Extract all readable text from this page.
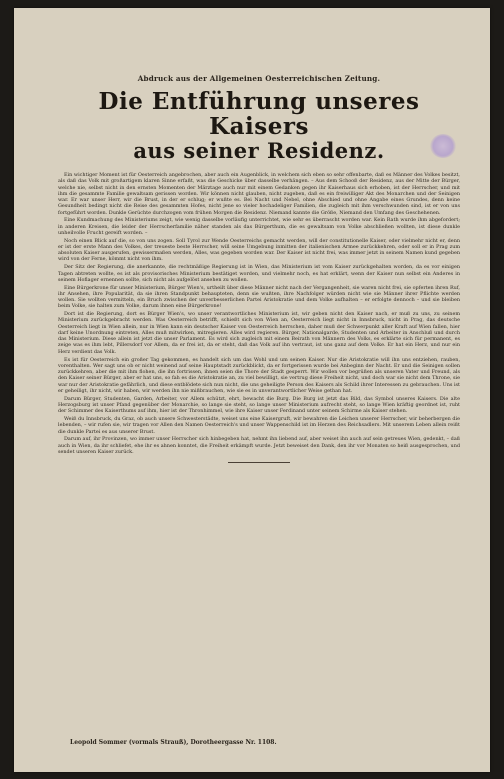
Abdruck aus der Allgemeinen Oesterreichischen Zeitung.
Die Entführung unseres Kaisers
aus seiner Residenz.

Ein wichtiger Moment ist für Oesterreich angebrochen, aber auch ein Augenblick, in welchem sich eben so sehr offenbarte, daß es Männer des Volkes besitzt, als daß das Volk mit großartigem klaren Sinne erfaßt, was die Geschicke über dasselbe verhängen. – Aus dem Schooß der Residenz, aus der Mitte der Bürger, welche nie, selbst nicht in den ernsten Momenten der Märztage auch nur mit einem Gedanken gegen ihr Kaiserhaus sich erhoben, ist der Herrscher, und mit ihm die gesammte Familie gewaltsam gerissen worden. Wir können nicht glauben, nicht zugeben, daß es ein freiwilliger Akt des Monarchen und der Seinigen war. Er war unser Herr, wir die Brust, in der er schlug; er wußte es. Bei Nacht und Nebel, ohne Abschied und ohne Angabe eines Grundes, denn keine Gesundheit bedingt nicht die Reise des gesammten Hofes, nicht jene so vieler hochadeliger Familien, die zugleich mit ihm verschwunden sind, ist er von uns fortgeführt worden. Dunkle Gerüchte durchzogen vom frühen Morgen die Residenz. Niemand kannte die Größe, Niemand den Umfang des Geschehenen.

Eine Kundmachung des Ministeriums zeigt, wie wenig dasselbe vorläufig unterrichtet, wie sehr es überrascht worden war. Kein Rath wurde ihm abgefordert; in anderen Kreisen, die leider der Herrscherfamilie näher standen als das Bürgerthum, die es gewaltsam von Volke abschließen wollten, ist diese dunkle unheilvolle Frucht gereift worden. –

Noch einen Blick auf die, so von uns zogen. Soll Tyrol zur Wende Oesterreichs gemacht werden, will der constitutionelle Kaiser, oder vielmehr nicht er, denn er ist der erste Mann des Volkes, der treueste beste Herrscher, will seine Umgebung inmitten der italienischen Armee zurückkehren, oder soll er in Prag zum absoluten Kaiser ausgerufen, gewissermaßen werden, Alles, was gegeben worden war. Der Kaiser ist nicht frei, was immer jetzt in seinem Namen kund gegeben wird von der Ferne, kömmt nicht von ihm.

Der Sitz der Regierung, die anerkannte, die rechtmäßige Regierung ist in Wien, das Ministerium ist vom Kaiser zurückgehalten worden, da es vor einigen Tagen abtreten wollte, es ist als provisorisches Ministerium bestätiget worden, und vielmehr noch, es hat erklärt, wenn der Kaiser nun selbst ein Anderes in seinem Hoflager ernennen sollte, sich nicht als aufgelöst ansehen zu wollen.

Eine Bürgerkrone für unser Ministerium, Bürger Wien's, urtheilt über diese Männer nicht nach der Vergangenheit, sie waren nicht frei, sie opferten ihren Ruf, ihr Ansehen, ihre Popularität, da sie ihren Standpunkt behaupteten, denn sie wußten, ihre Nachfolger würden nicht wie sie Männer ihrer Pflichte werden wollen. Sie wollten vermitteln, ein Bruch zwischen der unverbesserlichen Partei Aristokratie und dem Volke aufhalten – er erfolgte dennoch – und sie bleiben beim Volke, sie halten zum Volke, darum ihnen eine Bürgerkrone!

Dort ist die Regierung, dort es Bürger Wien's, wo unser verantwortliches Ministerium ist, wir geben nicht den Kaiser nach, er muß zu uns, zu seinem Ministerium zurückgebracht werden. Was Oesterreich betrifft, schießt sich von Wien an, Oesterreich liegt nicht in Innsbruck, nicht in Prag, das deutsche Oesterreich liegt in Wien allein, nur in Wien kann ein deutscher Kaiser von Oesterreich herrschen, daher muß der Schwerpunkt aller Kraft auf Wien fallen, hier darf keine Unordnung eintreten, Alles muß mitwirken, mitregieren. Alles wird regieren. Bürger, Nationalgarde, Studenten und Arbeiter in Anschluß und durch das Ministerium. Diese allein ist jetzt die unser Parlament. Es wird sich zugleich mit einem Beirath von Männern des Volks, es erklärte sich für permanent, es zeige was es ihm lebt, Pillersdorf vor Allem, da er frei ist, da er steht, daß das Volk auf ihn vertraut, ist uns ganz auf dem Volke. Er hat ein Herz, und nur ein Herz verdient das Volk.

Es ist für Oesterreich ein großer Tag gekommen, es handelt sich um das Wohl und um seinen Kaiser. Nur die Aristokratie will ihn uns entziehen, rauben, vorenthalten. Wer sagt uns ob er nicht weinend auf seine Hauptstadt zurückblickt, da er fortgerissen wurde bei Anbeginn der Nacht. Er und die Seinigen sollen zurückkehren, aber die mit ihm flohen, die ihn fortrissen, ihnen seien die Thore der Stadt gesperrt. Wir wollen vor begrüßen als unseren Vater und Freund, als den Kaiser seiner Bürger, aber er hat uns, so fah es die Aristokratie an, zu viel bewilligt, sie vertrug diese Freiheit nicht, und doch war sie nicht dem Throne, sie war nur der Aristokratie gefährlich, und diese entblödete sich nun nicht, die uns geheiligte Person des Kaisers als Schild ihrer Interessen zu gebrauchen. Uns ist er geheiligt, ihr nicht, wir haben, wir werden ihn nie mißbrauchen, wie sie es in unverantwortlicher Weise gethan hat.

Darum Bürger, Studenten, Garden, Arbeiter, vor Allem schützt, ehrt, bewacht die Burg. Die Burg ist jetzt das Bild, das Symbol unseres Kaisers. Die alte Herzogsburg ist unser Pfand gegenüber der Monarchie, so lange sie steht, so lange unser Ministerium aufrecht steht, so lange Wien kräftig geordnet ist, ruht der Schimmer des Kaiserthums auf ihm, hier ist der Thronhimmel, wie ihre Kaiser unser Ferdinand unter seinem Schirme als Kaiser stehen.

Weiß du Innsbruck, du Graz, ob auch unsere Schwesterstädte, weiset uns eine Kaisergruft, wir bewahren die Leichen unserer Herrscher, wir beherbergen die lebenden, – wir rufen sie, wir tragen vor Allen den Namen Oesterreich's und unser Wappenschild ist im Herzen des Reichsadlers. Mit unserem Leben allein reißt die dunkle Partei es aus unserer Brust.

Darum auf, ihr Provinzen, wo immer unser Herrscher sich hinbegeben hat, nehmt ihn liebend auf, aber weiset ihn auch auf sein getreues Wien, gedenkt, – daß auch in Wien, da ihr schliefet, ehe ihr es ahnen konntet, die Freiheit erkämpft wurde. Jetzt beweiset den Dank, den ihr vor Monaten so heiß ausgesprochen, und sendet unseren Kaiser zurück.

Leopold Sommer (vormals Strauß), Dorotheergasse Nr. 1108.
